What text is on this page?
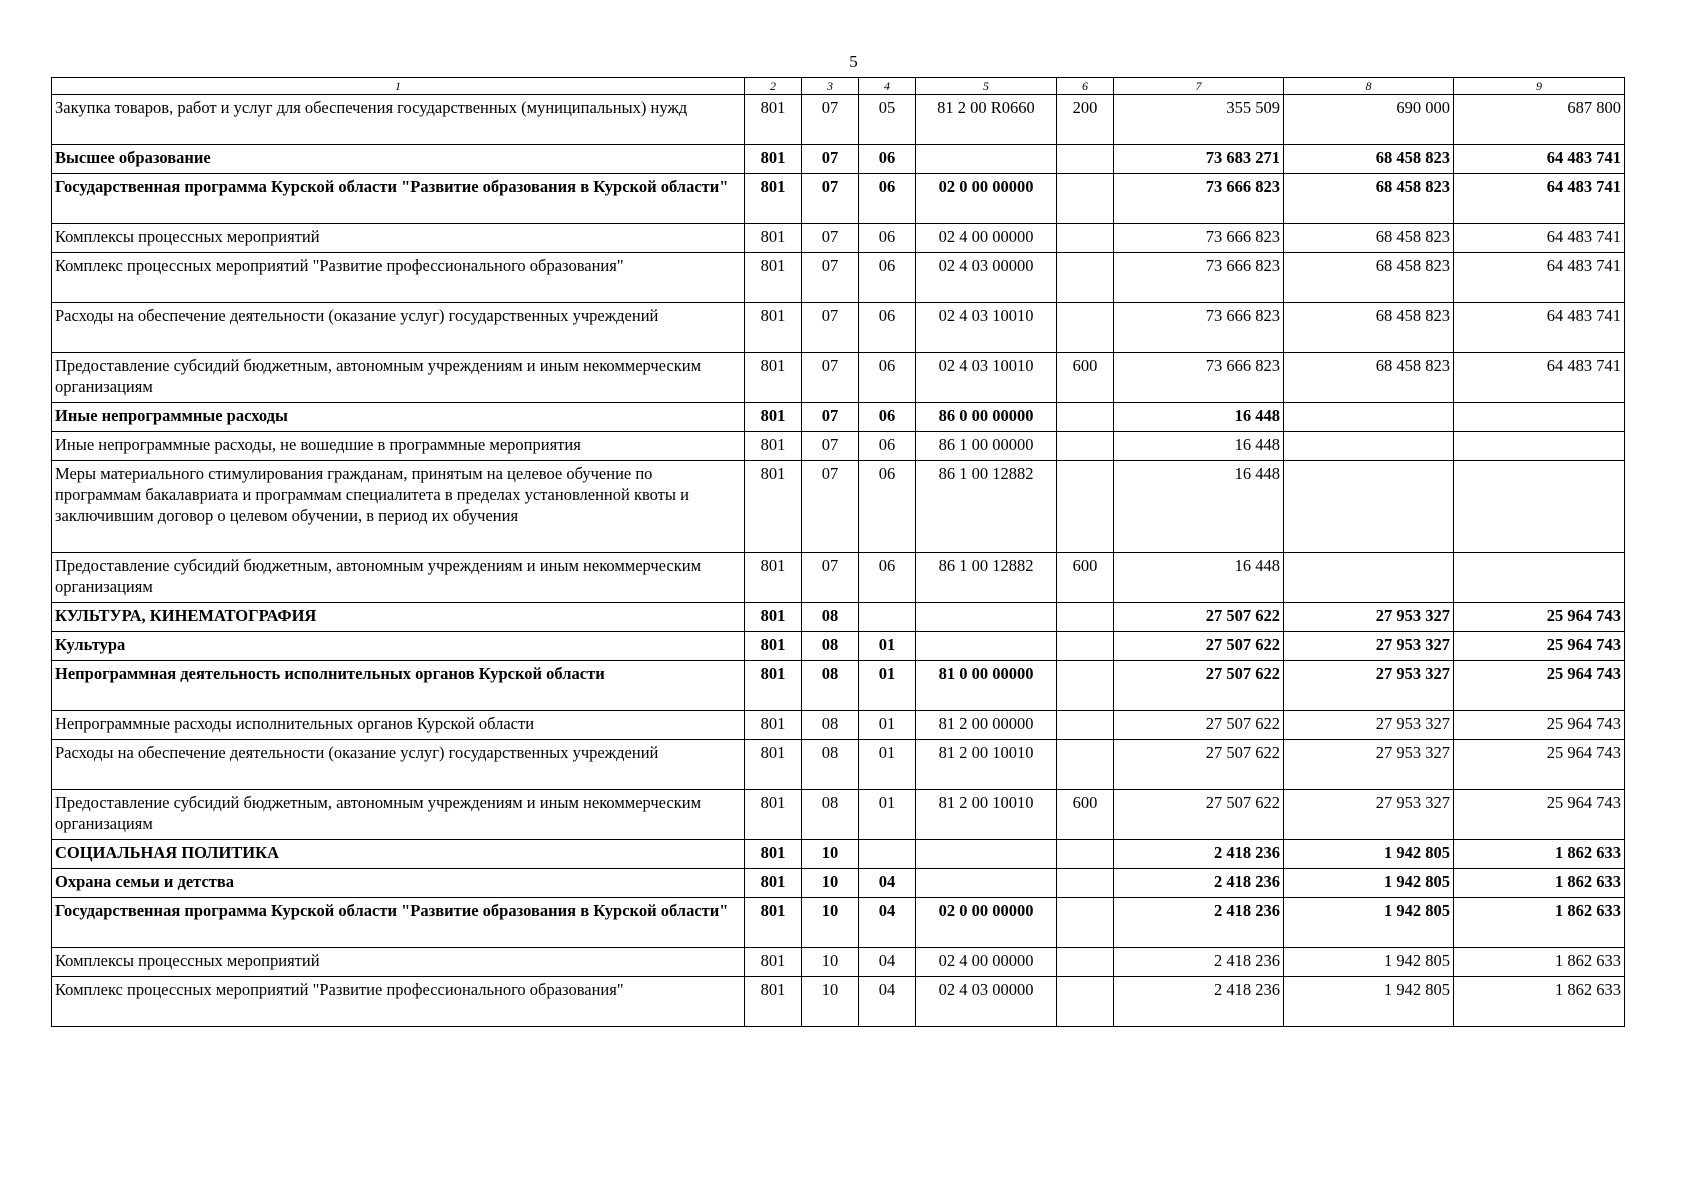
5
1	2	3	4	5	6	7	8	9
Закупка товаров, работ и услуг для обеспечения государственных (муниципальных) нужд	801	07	05	81 2 00 R0660	200	355 509	690 000	687 800
Высшее образование	801	07	06			73 683 271	68 458 823	64 483 741
Государственная программа Курской области "Развитие образования в Курской области"	801	07	06	02 0 00 00000		73 666 823	68 458 823	64 483 741
Комплексы процессных мероприятий	801	07	06	02 4 00 00000		73 666 823	68 458 823	64 483 741
Комплекс процессных мероприятий "Развитие профессионального образования"	801	07	06	02 4 03 00000		73 666 823	68 458 823	64 483 741
Расходы на обеспечение деятельности (оказание услуг) государственных учреждений	801	07	06	02 4 03 10010		73 666 823	68 458 823	64 483 741
Предоставление субсидий бюджетным, автономным учреждениям и иным некоммерческим организациям	801	07	06	02 4 03 10010	600	73 666 823	68 458 823	64 483 741
Иные непрограммные расходы	801	07	06	86 0 00 00000		16 448		
Иные непрограммные расходы, не вошедшие в программные мероприятия	801	07	06	86 1 00 00000		16 448		
Меры материального стимулирования гражданам, принятым на целевое обучение по программам бакалавриата и программам специалитета в пределах установленной квоты и заключившим договор о целевом обучении, в период их обучения	801	07	06	86 1 00 12882		16 448		
Предоставление субсидий бюджетным, автономным учреждениям и иным некоммерческим организациям	801	07	06	86 1 00 12882	600	16 448		
КУЛЬТУРА, КИНЕМАТОГРАФИЯ	801	08				27 507 622	27 953 327	25 964 743
Культура	801	08	01			27 507 622	27 953 327	25 964 743
Непрограммная деятельность исполнительных органов Курской области	801	08	01	81 0 00 00000		27 507 622	27 953 327	25 964 743
Непрограммные расходы исполнительных органов Курской области	801	08	01	81 2 00 00000		27 507 622	27 953 327	25 964 743
Расходы на обеспечение деятельности (оказание услуг) государственных учреждений	801	08	01	81 2 00 10010		27 507 622	27 953 327	25 964 743
Предоставление субсидий бюджетным, автономным учреждениям и иным некоммерческим организациям	801	08	01	81 2 00 10010	600	27 507 622	27 953 327	25 964 743
СОЦИАЛЬНАЯ ПОЛИТИКА	801	10				2 418 236	1 942 805	1 862 633
Охрана семьи и детства	801	10	04			2 418 236	1 942 805	1 862 633
Государственная программа Курской области "Развитие образования в Курской области"	801	10	04	02 0 00 00000		2 418 236	1 942 805	1 862 633
Комплексы процессных мероприятий	801	10	04	02 4 00 00000		2 418 236	1 942 805	1 862 633
Комплекс процессных мероприятий "Развитие профессионального образования"	801	10	04	02 4 03 00000		2 418 236	1 942 805	1 862 633
